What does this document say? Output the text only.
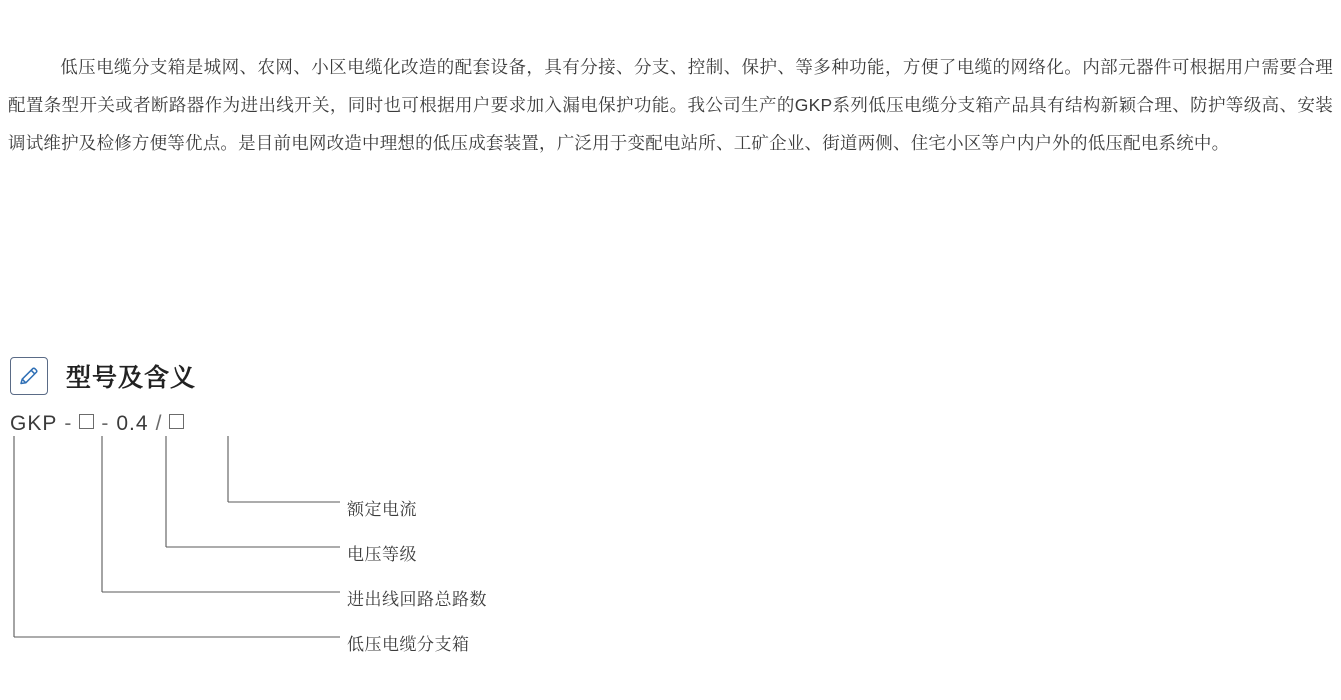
低压电缆分支箱是城网、农网、小区电缆化改造的配套设备，具有分接、分支、控制、保护、等多种功能，方便了电缆的网络化。内部元器件可根据用户需要合理配置条型开关或者断路器作为进出线开关，同时也可根据用户要求加入漏电保护功能。我公司生产的GKP系列低压电缆分支箱产品具有结构新颖合理、防护等级高、安装调试维护及检修方便等优点。是目前电网改造中理想的低压成套装置，广泛用于变配电站所、工矿企业、街道两侧、住宅小区等户内户外的低压配电系统中。

型号及含义
GKP - - 0.4 /
额定电流
电压等级
进出线回路总路数
低压电缆分支箱
